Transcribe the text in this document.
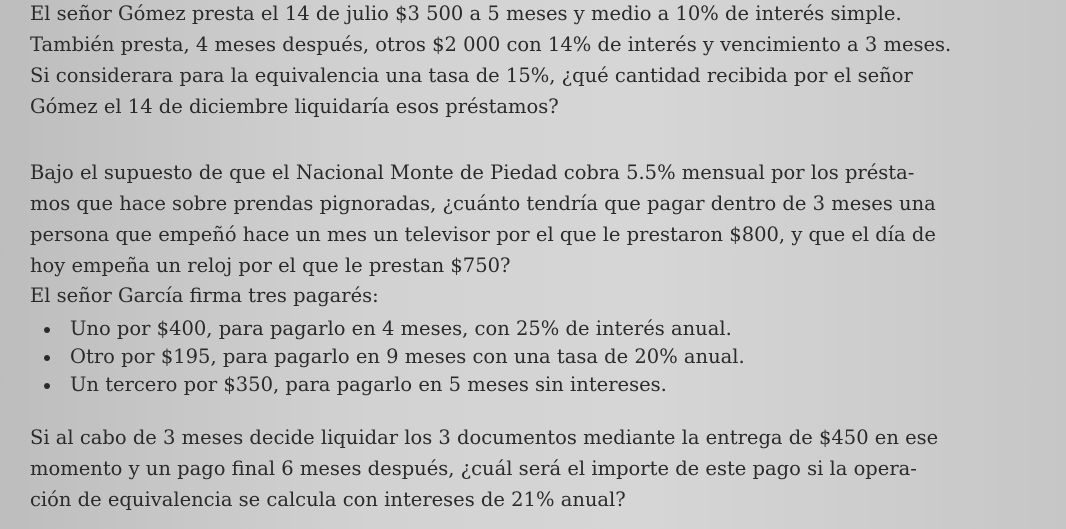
El señor Gómez presta el 14 de julio $3 500 a 5 meses y medio a 10% de interés simple.

También presta, 4 meses después, otros $2 000 con 14% de interés y vencimiento a 3 meses.

Si considerara para la equivalencia una tasa de 15%, ¿qué cantidad recibida por el señor

Gómez el 14 de diciembre liquidaría esos préstamos?

Bajo el supuesto de que el Nacional Monte de Piedad cobra 5.5% mensual por los présta-

mos que hace sobre prendas pignoradas, ¿cuánto tendría que pagar dentro de 3 meses una

persona que empeñó hace un mes un televisor por el que le prestaron $800, y que el día de

hoy empeña un reloj por el que le prestan $750?

El señor García firma tres pagarés:

Uno por $400, para pagarlo en 4 meses, con 25% de interés anual.
Otro por $195, para pagarlo en 9 meses con una tasa de 20% anual.
Un tercero por $350, para pagarlo en 5 meses sin intereses.

Si al cabo de 3 meses decide liquidar los 3 documentos mediante la entrega de $450 en ese

momento y un pago final 6 meses después, ¿cuál será el importe de este pago si la opera-

ción de equivalencia se calcula con intereses de 21% anual?
